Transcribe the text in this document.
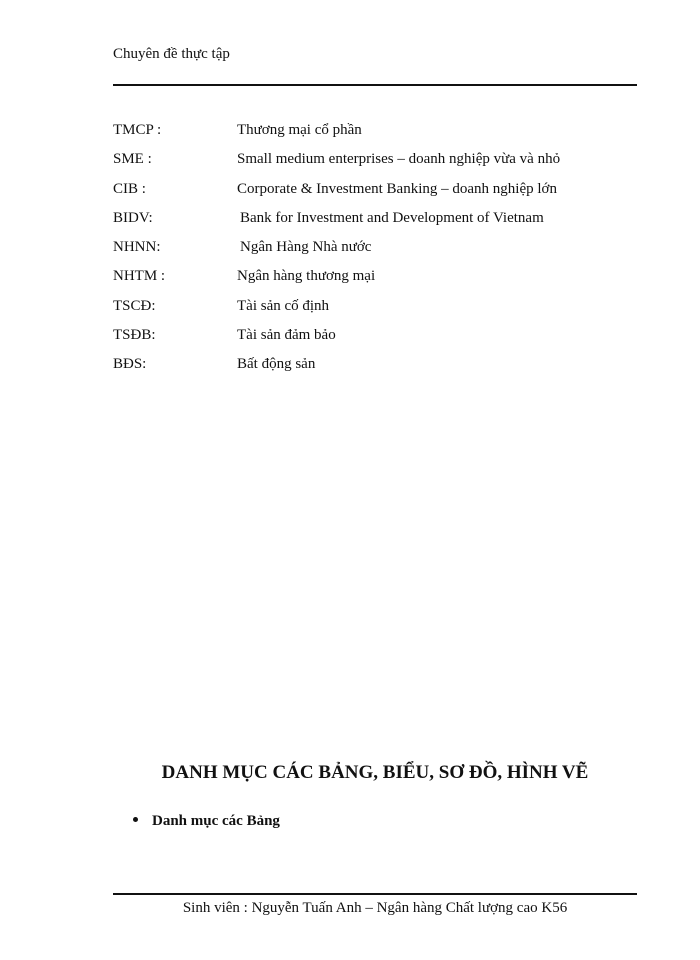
Chuyên đề thực tập
TMCP :	Thương mại cổ phần
SME :	Small medium enterprises – doanh nghiệp vừa và nhỏ
CIB :	Corporate & Investment Banking – doanh nghiệp lớn
BIDV:	Bank for Investment and Development of Vietnam
NHNN:	Ngân Hàng Nhà nước
NHTM :	Ngân hàng thương mại
TSCĐ:	Tài sản cố định
TSĐB:	Tài sản đảm bảo
BĐS:	Bất động sản
DANH MỤC CÁC BẢNG, BIỂU, SƠ ĐỒ, HÌNH VẼ
Danh mục các Bảng
Sinh viên : Nguyễn Tuấn Anh – Ngân hàng Chất lượng cao K56
